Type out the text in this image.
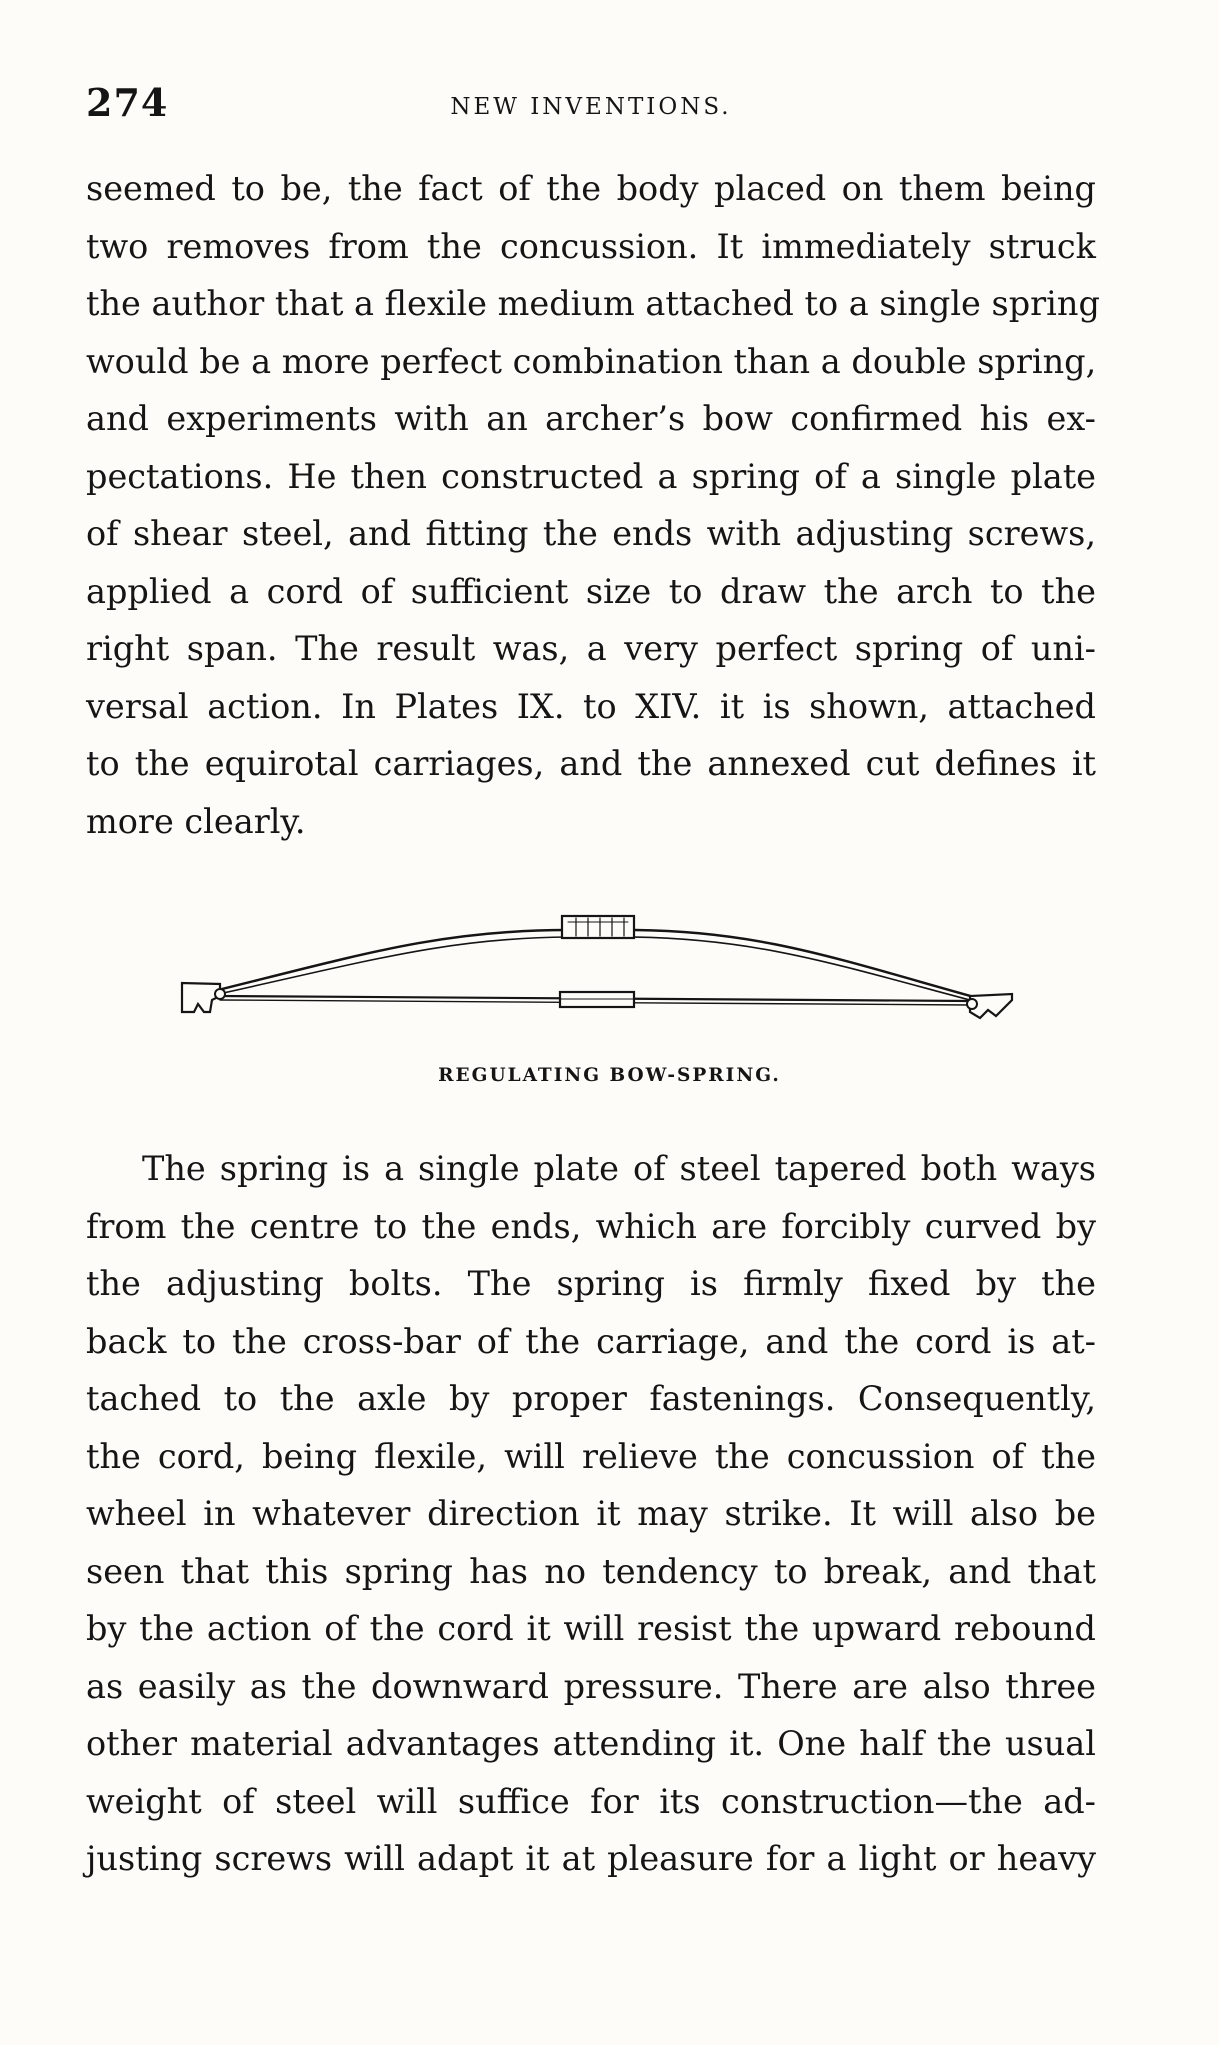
274	NEW INVENTIONS.
seemed to be, the fact of the body placed on them being
two removes from the concussion. It immediately struck
the author that a flexile medium attached to a single spring
would be a more perfect combination than a double spring,
and experiments with an archer’s bow confirmed his ex-
pectations. He then constructed a spring of a single plate
of shear steel, and fitting the ends with adjusting screws,
applied a cord of sufficient size to draw the arch to the
right span. The result was, a very perfect spring of uni-
versal action. In Plates IX. to XIV. it is shown, attached
to the equirotal carriages, and the annexed cut defines it
more clearly.
REGULATING BOW-SPRING.
The spring is a single plate of steel tapered both ways
from the centre to the ends, which are forcibly curved by
the adjusting bolts. The spring is firmly fixed by the
back to the cross-bar of the carriage, and the cord is at-
tached to the axle by proper fastenings. Consequently,
the cord, being flexile, will relieve the concussion of the
wheel in whatever direction it may strike. It will also be
seen that this spring has no tendency to break, and that
by the action of the cord it will resist the upward rebound
as easily as the downward pressure. There are also three
other material advantages attending it. One half the usual
weight of steel will suffice for its construction—the ad-
justing screws will adapt it at pleasure for a light or heavy
